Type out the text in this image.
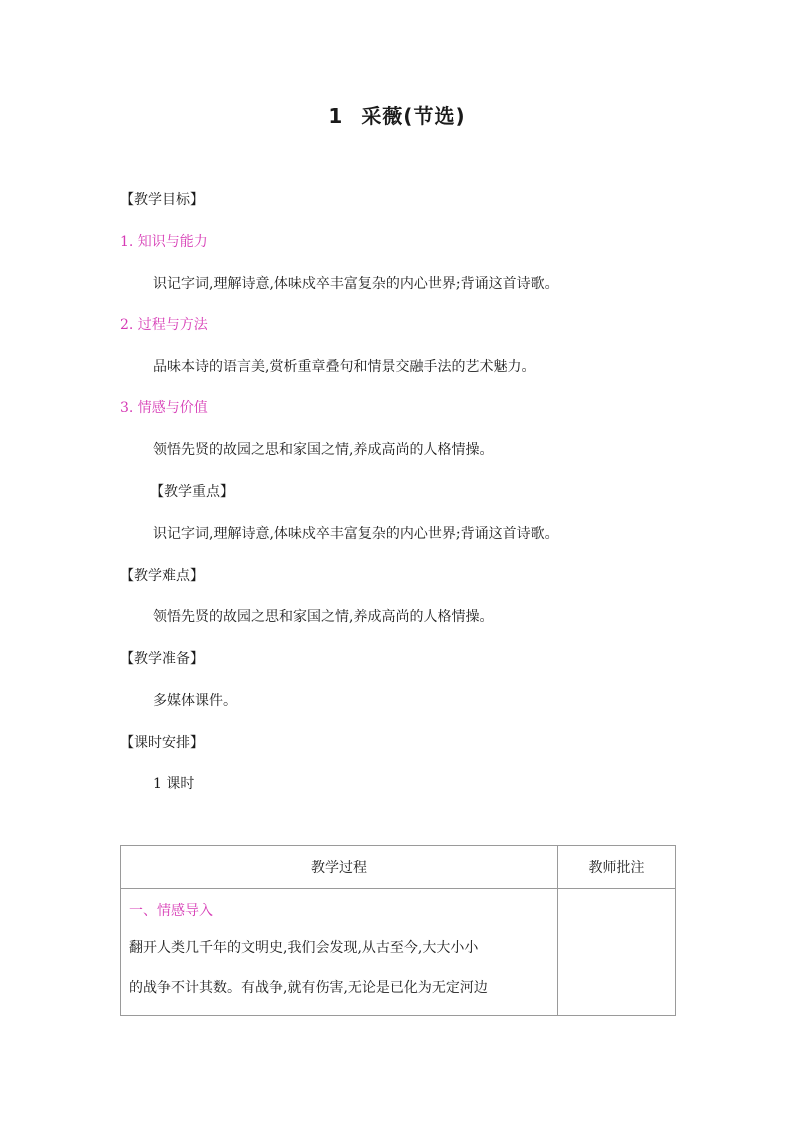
1 采薇(节选)
【教学目标】
1. 知识与能力
识记字词,理解诗意,体味戍卒丰富复杂的内心世界;背诵这首诗歌。
2. 过程与方法
品味本诗的语言美,赏析重章叠句和情景交融手法的艺术魅力。
3. 情感与价值
领悟先贤的故园之思和家国之情,养成高尚的人格情操。
【教学重点】
识记字词,理解诗意,体味戍卒丰富复杂的内心世界;背诵这首诗歌。
【教学难点】
领悟先贤的故园之思和家国之情,养成高尚的人格情操。
【教学准备】
多媒体课件。
【课时安排】
1 课时
教学过程	教师批注

一、情感导入

翻开人类几千年的文明史,我们会发现,从古至今,大大小小

的战争不计其数。有战争,就有伤害,无论是已化为无定河边	
